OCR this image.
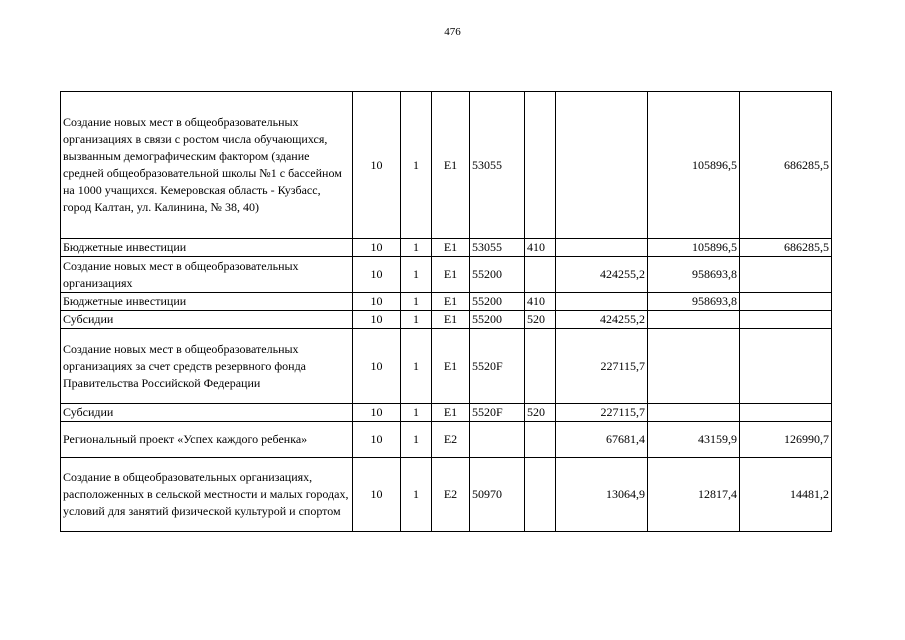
476
Создание новых мест в общеобразовательных организациях в связи с ростом числа обучающихся, вызванным демографическим фактором (здание средней общеобразовательной школы №1 с бассейном на 1000 учащихся. Кемеровская область - Кузбасс, город Калтан, ул. Калинина, № 38, 40)	10	1	E1	53055			105896,5	686285,5
Бюджетные инвестиции	10	1	E1	53055	410		105896,5	686285,5
Создание новых мест в общеобразовательных организациях	10	1	E1	55200		424255,2	958693,8	
Бюджетные инвестиции	10	1	E1	55200	410		958693,8	
Субсидии	10	1	E1	55200	520	424255,2		
Создание новых мест в общеобразовательных организациях за счет средств резервного фонда Правительства Российской Федерации	10	1	E1	5520F		227115,7		
Субсидии	10	1	E1	5520F	520	227115,7		
Региональный проект «Успех каждого ребенка»	10	1	E2			67681,4	43159,9	126990,7
Создание в общеобразовательных организациях, расположенных в сельской местности и малых городах, условий для занятий физической культурой и спортом	10	1	E2	50970		13064,9	12817,4	14481,2
